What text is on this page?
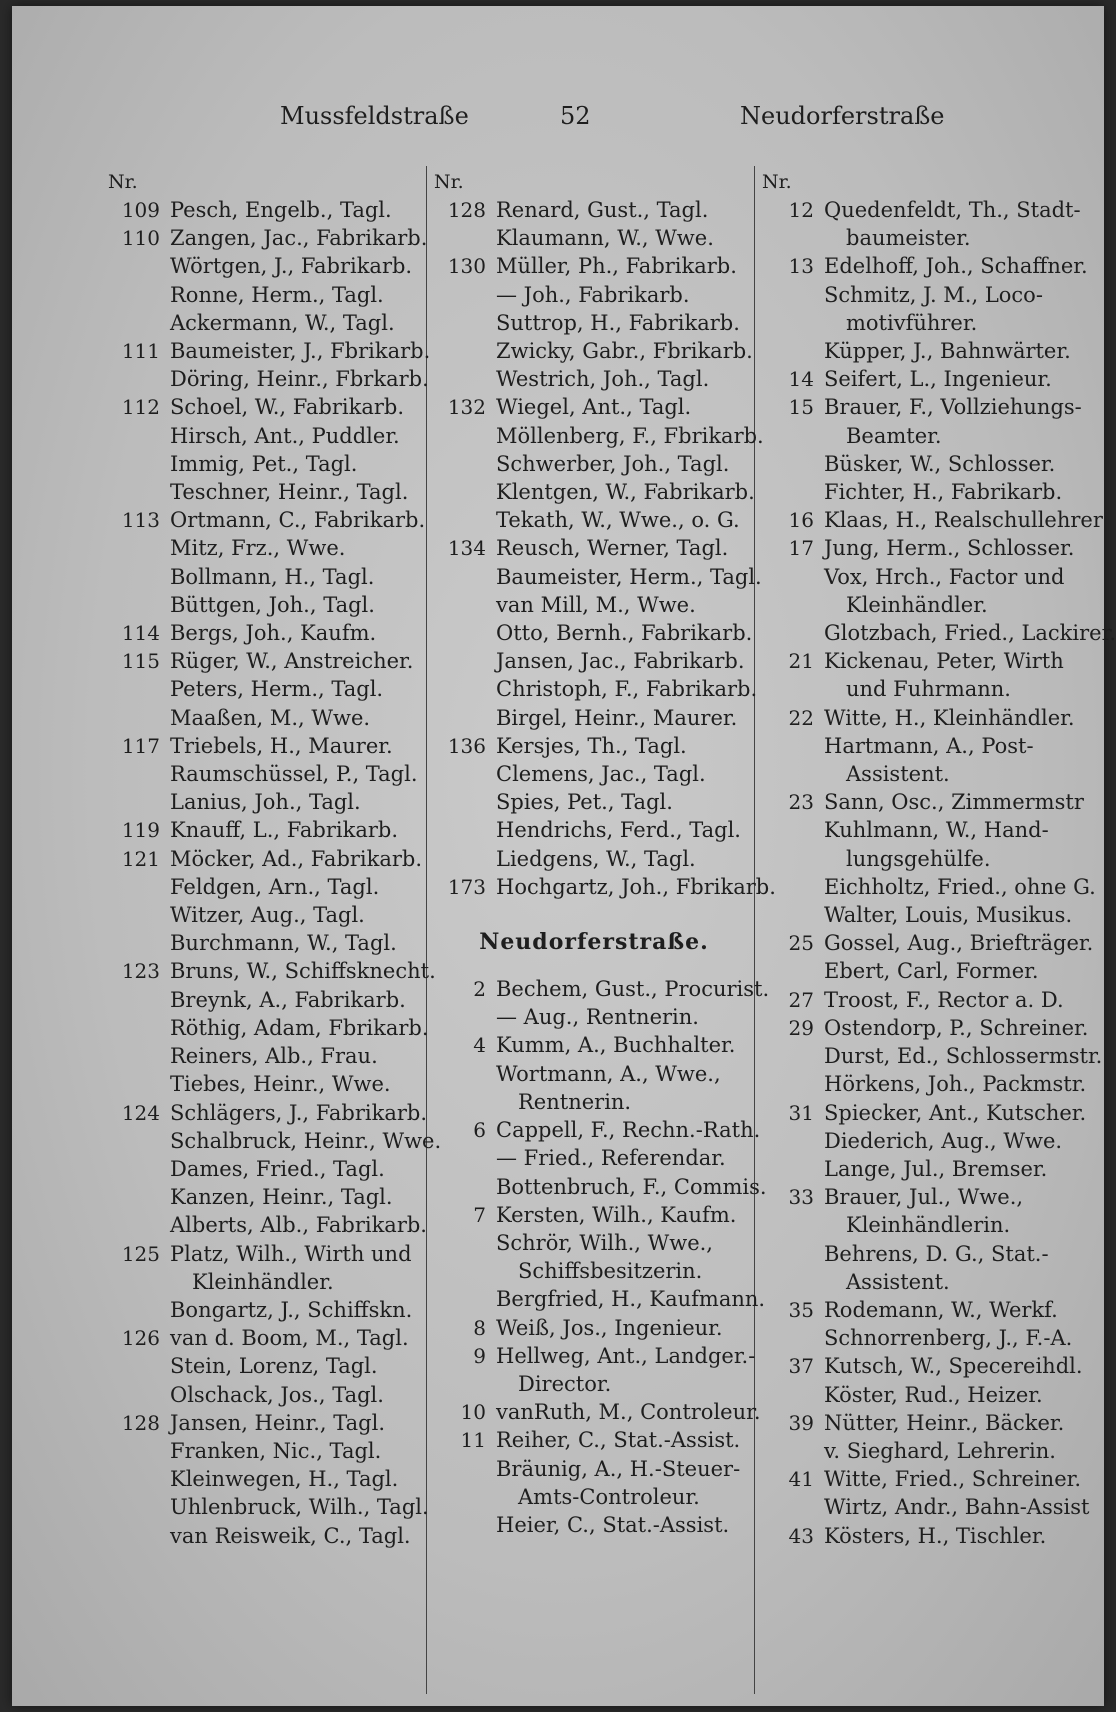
Mussfeldstraße	52	Neudorferstraße
Nr.
109 Pesch, Engelb., Tagl.
110 Zangen, Jac., Fabrikarb.
Wörtgen, J., Fabrikarb.
Ronne, Herm., Tagl.
Ackermann, W., Tagl.
111 Baumeister, J., Fbrikarb.
Döring, Heinr., Fbrkarb.
112 Schoel, W., Fabrikarb.
Hirsch, Ant., Puddler.
Immig, Pet., Tagl.
Teschner, Heinr., Tagl.
113 Ortmann, C., Fabrikarb.
Mitz, Frz., Wwe.
Bollmann, H., Tagl.
Büttgen, Joh., Tagl.
114 Bergs, Joh., Kaufm.
115 Rüger, W., Anstreicher.
Peters, Herm., Tagl.
Maaßen, M., Wwe.
117 Triebels, H., Maurer.
Raumschüssel, P., Tagl.
Lanius, Joh., Tagl.
119 Knauff, L., Fabrikarb.
121 Möcker, Ad., Fabrikarb.
Feldgen, Arn., Tagl.
Witzer, Aug., Tagl.
Burchmann, W., Tagl.
123 Bruns, W., Schiffsknecht.
Breynk, A., Fabrikarb.
Röthig, Adam, Fbrikarb.
Reiners, Alb., Frau.
Tiebes, Heinr., Wwe.
124 Schlägers, J., Fabrikarb.
Schalbruck, Heinr., Wwe.
Dames, Fried., Tagl.
Kanzen, Heinr., Tagl.
Alberts, Alb., Fabrikarb.
125 Platz, Wilh., Wirth und
Kleinhändler.
Bongartz, J., Schiffskn.
126 van d. Boom, M., Tagl.
Stein, Lorenz, Tagl.
Olschack, Jos., Tagl.
128 Jansen, Heinr., Tagl.
Franken, Nic., Tagl.
Kleinwegen, H., Tagl.
Uhlenbruck, Wilh., Tagl.
van Reisweik, C., Tagl.
Nr.
128 Renard, Gust., Tagl.
Klaumann, W., Wwe.
130 Müller, Ph., Fabrikarb.
— Joh., Fabrikarb.
Suttrop, H., Fabrikarb.
Zwicky, Gabr., Fbrikarb.
Westrich, Joh., Tagl.
132 Wiegel, Ant., Tagl.
Möllenberg, F., Fbrikarb.
Schwerber, Joh., Tagl.
Klentgen, W., Fabrikarb.
Tekath, W., Wwe., o. G.
134 Reusch, Werner, Tagl.
Baumeister, Herm., Tagl.
van Mill, M., Wwe.
Otto, Bernh., Fabrikarb.
Jansen, Jac., Fabrikarb.
Christoph, F., Fabrikarb.
Birgel, Heinr., Maurer.
136 Kersjes, Th., Tagl.
Clemens, Jac., Tagl.
Spies, Pet., Tagl.
Hendrichs, Ferd., Tagl.
Liedgens, W., Tagl.
173 Hochgartz, Joh., Fbrikarb.
Neudorferstraße.
2 Bechem, Gust., Procurist.
— Aug., Rentnerin.
4 Kumm, A., Buchhalter.
Wortmann, A., Wwe.,
Rentnerin.
6 Cappell, F., Rechn.-Rath.
— Fried., Referendar.
Bottenbruch, F., Commis.
7 Kersten, Wilh., Kaufm.
Schrör, Wilh., Wwe.,
Schiffsbesitzerin.
Bergfried, H., Kaufmann.
8 Weiß, Jos., Ingenieur.
9 Hellweg, Ant., Landger.-
Director.
10 vanRuth, M., Controleur.
11 Reiher, C., Stat.-Assist.
Bräunig, A., H.-Steuer-
Amts-Controleur.
Heier, C., Stat.-Assist.
Nr.
12 Quedenfeldt, Th., Stadt-
baumeister.
13 Edelhoff, Joh., Schaffner.
Schmitz, J. M., Loco-
motivführer.
Küpper, J., Bahnwärter.
14 Seifert, L., Ingenieur.
15 Brauer, F., Vollziehungs-
Beamter.
Büsker, W., Schlosser.
Fichter, H., Fabrikarb.
16 Klaas, H., Realschullehrer
17 Jung, Herm., Schlosser.
Vox, Hrch., Factor und
Kleinhändler.
Glotzbach, Fried., Lackirer.
21 Kickenau, Peter, Wirth
und Fuhrmann.
22 Witte, H., Kleinhändler.
Hartmann, A., Post-
Assistent.
23 Sann, Osc., Zimmermstr
Kuhlmann, W., Hand-
lungsgehülfe.
Eichholtz, Fried., ohne G.
Walter, Louis, Musikus.
25 Gossel, Aug., Briefträger.
Ebert, Carl, Former.
27 Troost, F., Rector a. D.
29 Ostendorp, P., Schreiner.
Durst, Ed., Schlossermstr.
Hörkens, Joh., Packmstr.
31 Spiecker, Ant., Kutscher.
Diederich, Aug., Wwe.
Lange, Jul., Bremser.
33 Brauer, Jul., Wwe.,
Kleinhändlerin.
Behrens, D. G., Stat.-
Assistent.
35 Rodemann, W., Werkf.
Schnorrenberg, J., F.-A.
37 Kutsch, W., Specereihdl.
Köster, Rud., Heizer.
39 Nütter, Heinr., Bäcker.
v. Sieghard, Lehrerin.
41 Witte, Fried., Schreiner.
Wirtz, Andr., Bahn-Assist
43 Kösters, H., Tischler.
